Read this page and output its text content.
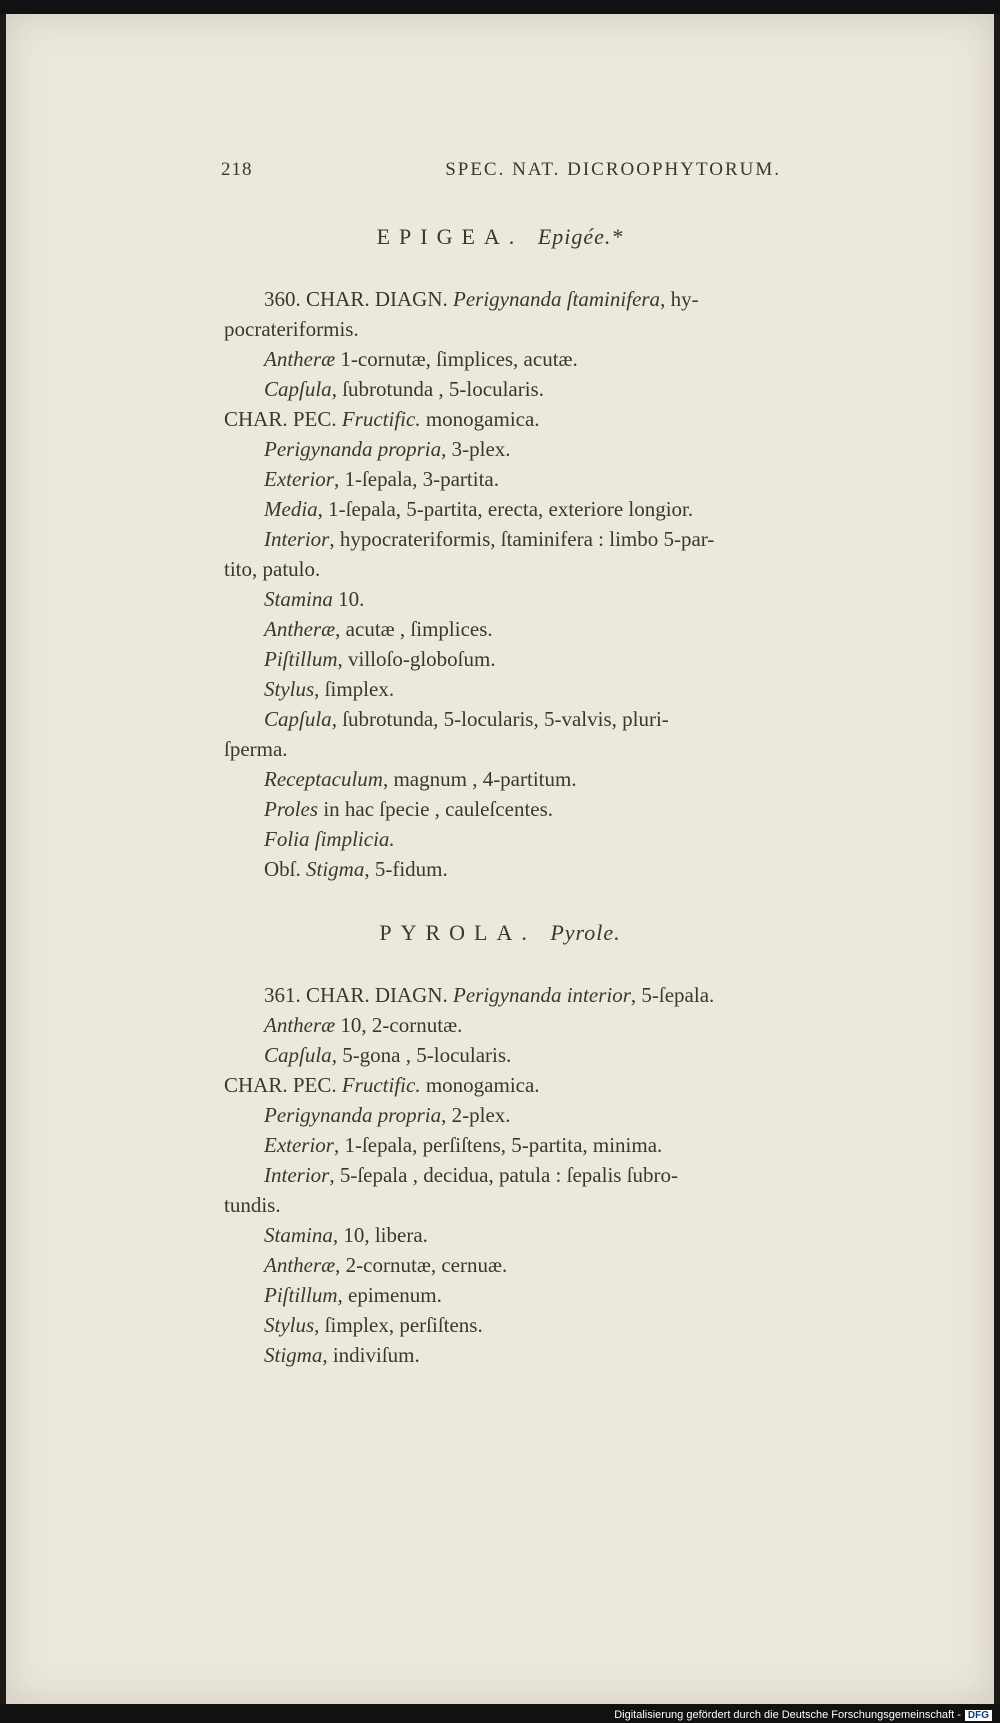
218	SPEC. NAT. DICROOPHYTORUM.
EPIGEA. Epigée.*
360. CHAR. DIAGN. Perigynanda ſtaminifera, hy-
pocrateriformis.
Antheræ 1-cornutæ, ſimplices, acutæ.
Capſula, ſubrotunda , 5-locularis.
CHAR. PEC. Fructific. monogamica.
Perigynanda propria, 3-plex.
Exterior, 1-ſepala, 3-partita.
Media, 1-ſepala, 5-partita, erecta, exteriore longior.
Interior, hypocrateriformis, ſtaminifera : limbo 5-par-
tito, patulo.
Stamina 10.
Antheræ, acutæ , ſimplices.
Piſtillum, villoſo-globoſum.
Stylus, ſimplex.
Capſula, ſubrotunda, 5-locularis, 5-valvis, pluri-
ſperma.
Receptaculum, magnum , 4-partitum.
Proles in hac ſpecie , cauleſcentes.
Folia ſimplicia.
Obſ. Stigma, 5-fidum.
PYROLA. Pyrole.
361. CHAR. DIAGN. Perigynanda interior, 5-ſepala.
Antheræ 10, 2-cornutæ.
Capſula, 5-gona , 5-locularis.
CHAR. PEC. Fructific. monogamica.
Perigynanda propria, 2-plex.
Exterior, 1-ſepala, perſiſtens, 5-partita, minima.
Interior, 5-ſepala , decidua, patula : ſepalis ſubro-
tundis.
Stamina, 10, libera.
Antheræ, 2-cornutæ, cernuæ.
Piſtillum, epimenum.
Stylus, ſimplex, perſiſtens.
Stigma, indiviſum.
Digitalisierung gefördert durch die Deutsche Forschungsgemeinschaft - DFG
